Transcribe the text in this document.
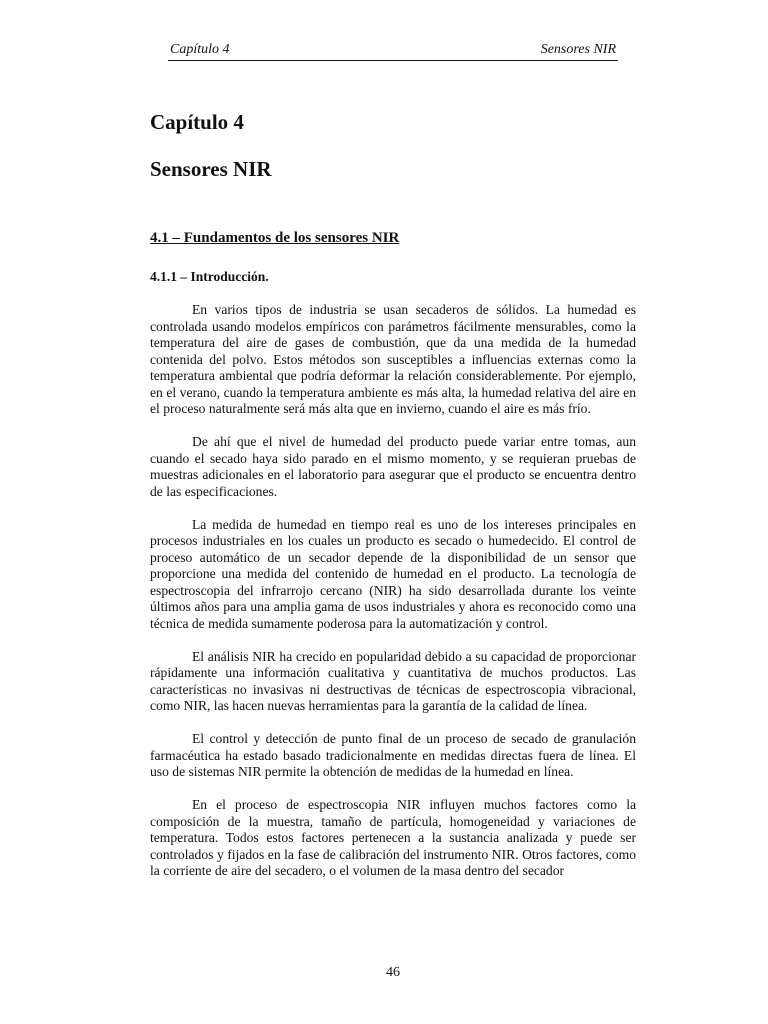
Capítulo 4	Sensores NIR
Capítulo 4
Sensores NIR
4.1 – Fundamentos de los sensores NIR
4.1.1 – Introducción.

En varios tipos de industria se usan secaderos de sólidos. La humedad es controlada usando modelos empíricos con parámetros fácilmente mensurables, como la temperatura del aire de gases de combustión, que da una medida de la humedad contenida del polvo. Estos métodos son susceptibles a influencias externas como la temperatura ambiental que podría deformar la relación considerablemente. Por ejemplo, en el verano, cuando la temperatura ambiente es más alta, la humedad relativa del aire en el proceso naturalmente será más alta que en invierno, cuando el aire es más frío.

De ahí que el nivel de humedad del producto puede variar entre tomas, aun cuando el secado haya sido parado en el mismo momento, y se requieran pruebas de muestras adicionales en el laboratorio para asegurar que el producto se encuentra dentro de las especificaciones.

La medida de humedad en tiempo real es uno de los intereses principales en procesos industriales en los cuales un producto es secado o humedecido. El control de proceso automático de un secador depende de la disponibilidad de un sensor que proporcione una medida del contenido de humedad en el producto. La tecnología de espectroscopia del infrarrojo cercano (NIR) ha sido desarrollada durante los veinte últimos años para una amplia gama de usos industriales y ahora es reconocido como una técnica de medida sumamente poderosa para la automatización y control.

El análisis NIR ha crecido en popularidad debido a su capacidad de proporcionar rápidamente una información cualitativa y cuantitativa de muchos productos. Las características no invasivas ni destructivas de técnicas de espectroscopia vibracional, como NIR, las hacen nuevas herramientas para la garantía de la calidad de línea.

El control y detección de punto final de un proceso de secado de granulación farmacéutica ha estado basado tradicionalmente en medidas directas fuera de línea. El uso de sistemas NIR permite la obtención de medidas de la humedad en línea.

En el proceso de espectroscopia NIR influyen muchos factores como la composición de la muestra, tamaño de partícula, homogeneidad y variaciones de temperatura. Todos estos factores pertenecen a la sustancia analizada y puede ser controlados y fijados en la fase de calibración del instrumento NIR. Otros factores, como la corriente de aire del secadero, o el volumen de la masa dentro del secador

46
